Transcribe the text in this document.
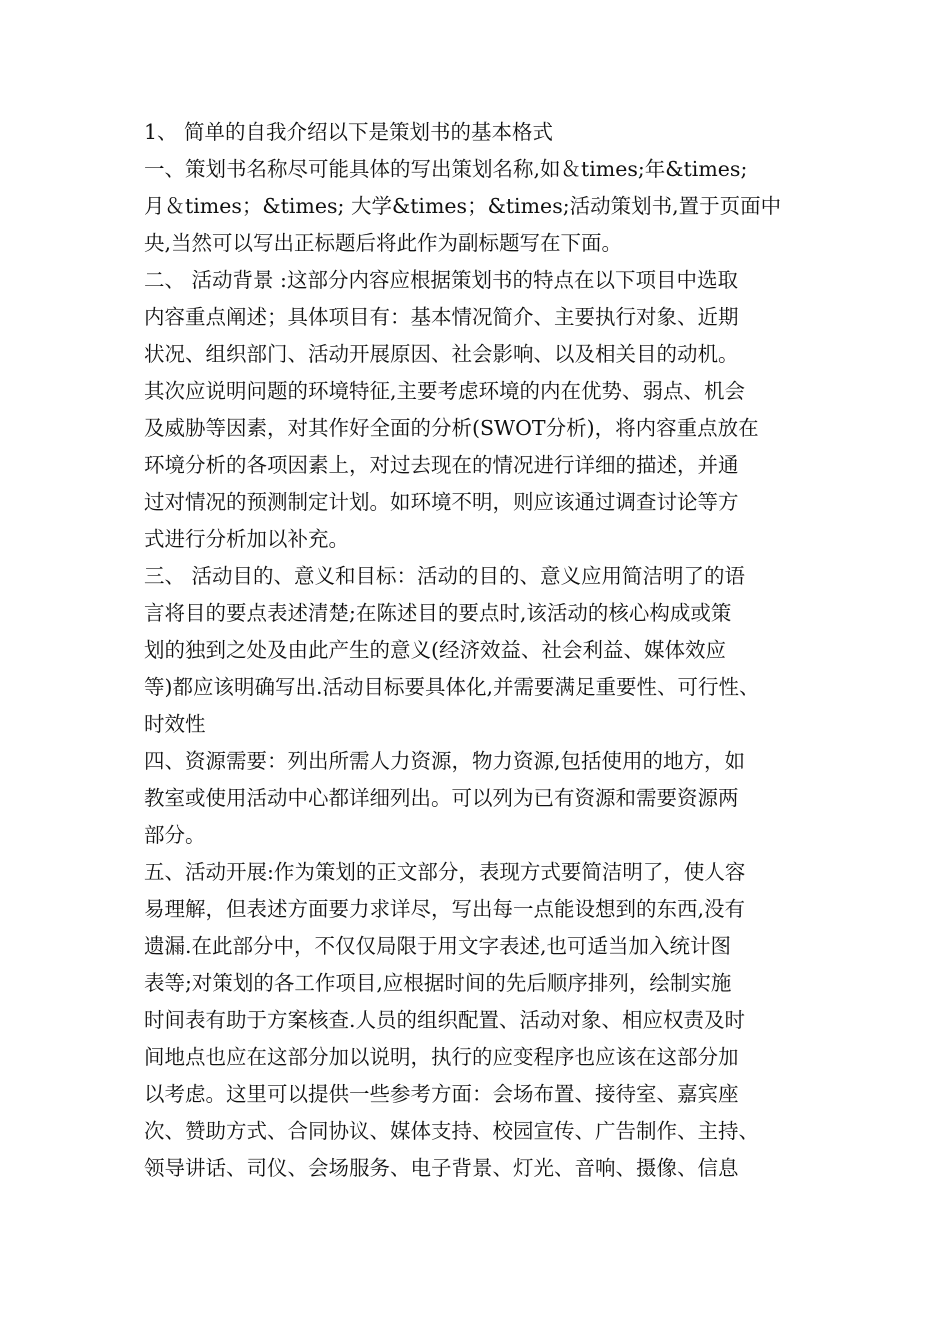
1、 简单的自我介绍以下是策划书的基本格式
一、策划书名称尽可能具体的写出策划名称,如＆times;年&times;
月＆times；&times; 大学&times；&times;活动策划书,置于页面中
央,当然可以写出正标题后将此作为副标题写在下面。
二、 活动背景 :这部分内容应根据策划书的特点在以下项目中选取
内容重点阐述；具体项目有：基本情况简介、主要执行对象、近期
状况、组织部门、活动开展原因、社会影响、以及相关目的动机。
其次应说明问题的环境特征,主要考虑环境的内在优势、弱点、机会
及威胁等因素，对其作好全面的分析(SWOT分析)，将内容重点放在
环境分析的各项因素上，对过去现在的情况进行详细的描述，并通
过对情况的预测制定计划。如环境不明，则应该通过调查讨论等方
式进行分析加以补充。
三、 活动目的、意义和目标：活动的目的、意义应用简洁明了的语
言将目的要点表述清楚;在陈述目的要点时,该活动的核心构成或策
划的独到之处及由此产生的意义(经济效益、社会利益、媒体效应
等)都应该明确写出.活动目标要具体化,并需要满足重要性、可行性、
时效性
四、资源需要：列出所需人力资源，物力资源,包括使用的地方，如
教室或使用活动中心都详细列出。可以列为已有资源和需要资源两
部分。
五、活动开展:作为策划的正文部分，表现方式要简洁明了，使人容
易理解，但表述方面要力求详尽，写出每一点能设想到的东西,没有
遗漏.在此部分中，不仅仅局限于用文字表述,也可适当加入统计图
表等;对策划的各工作项目,应根据时间的先后顺序排列，绘制实施
时间表有助于方案核查.人员的组织配置、活动对象、相应权责及时
间地点也应在这部分加以说明，执行的应变程序也应该在这部分加
以考虑。这里可以提供一些参考方面：会场布置、接待室、嘉宾座
次、赞助方式、合同协议、媒体支持、校园宣传、广告制作、主持、
领导讲话、司仪、会场服务、电子背景、灯光、音响、摄像、信息
